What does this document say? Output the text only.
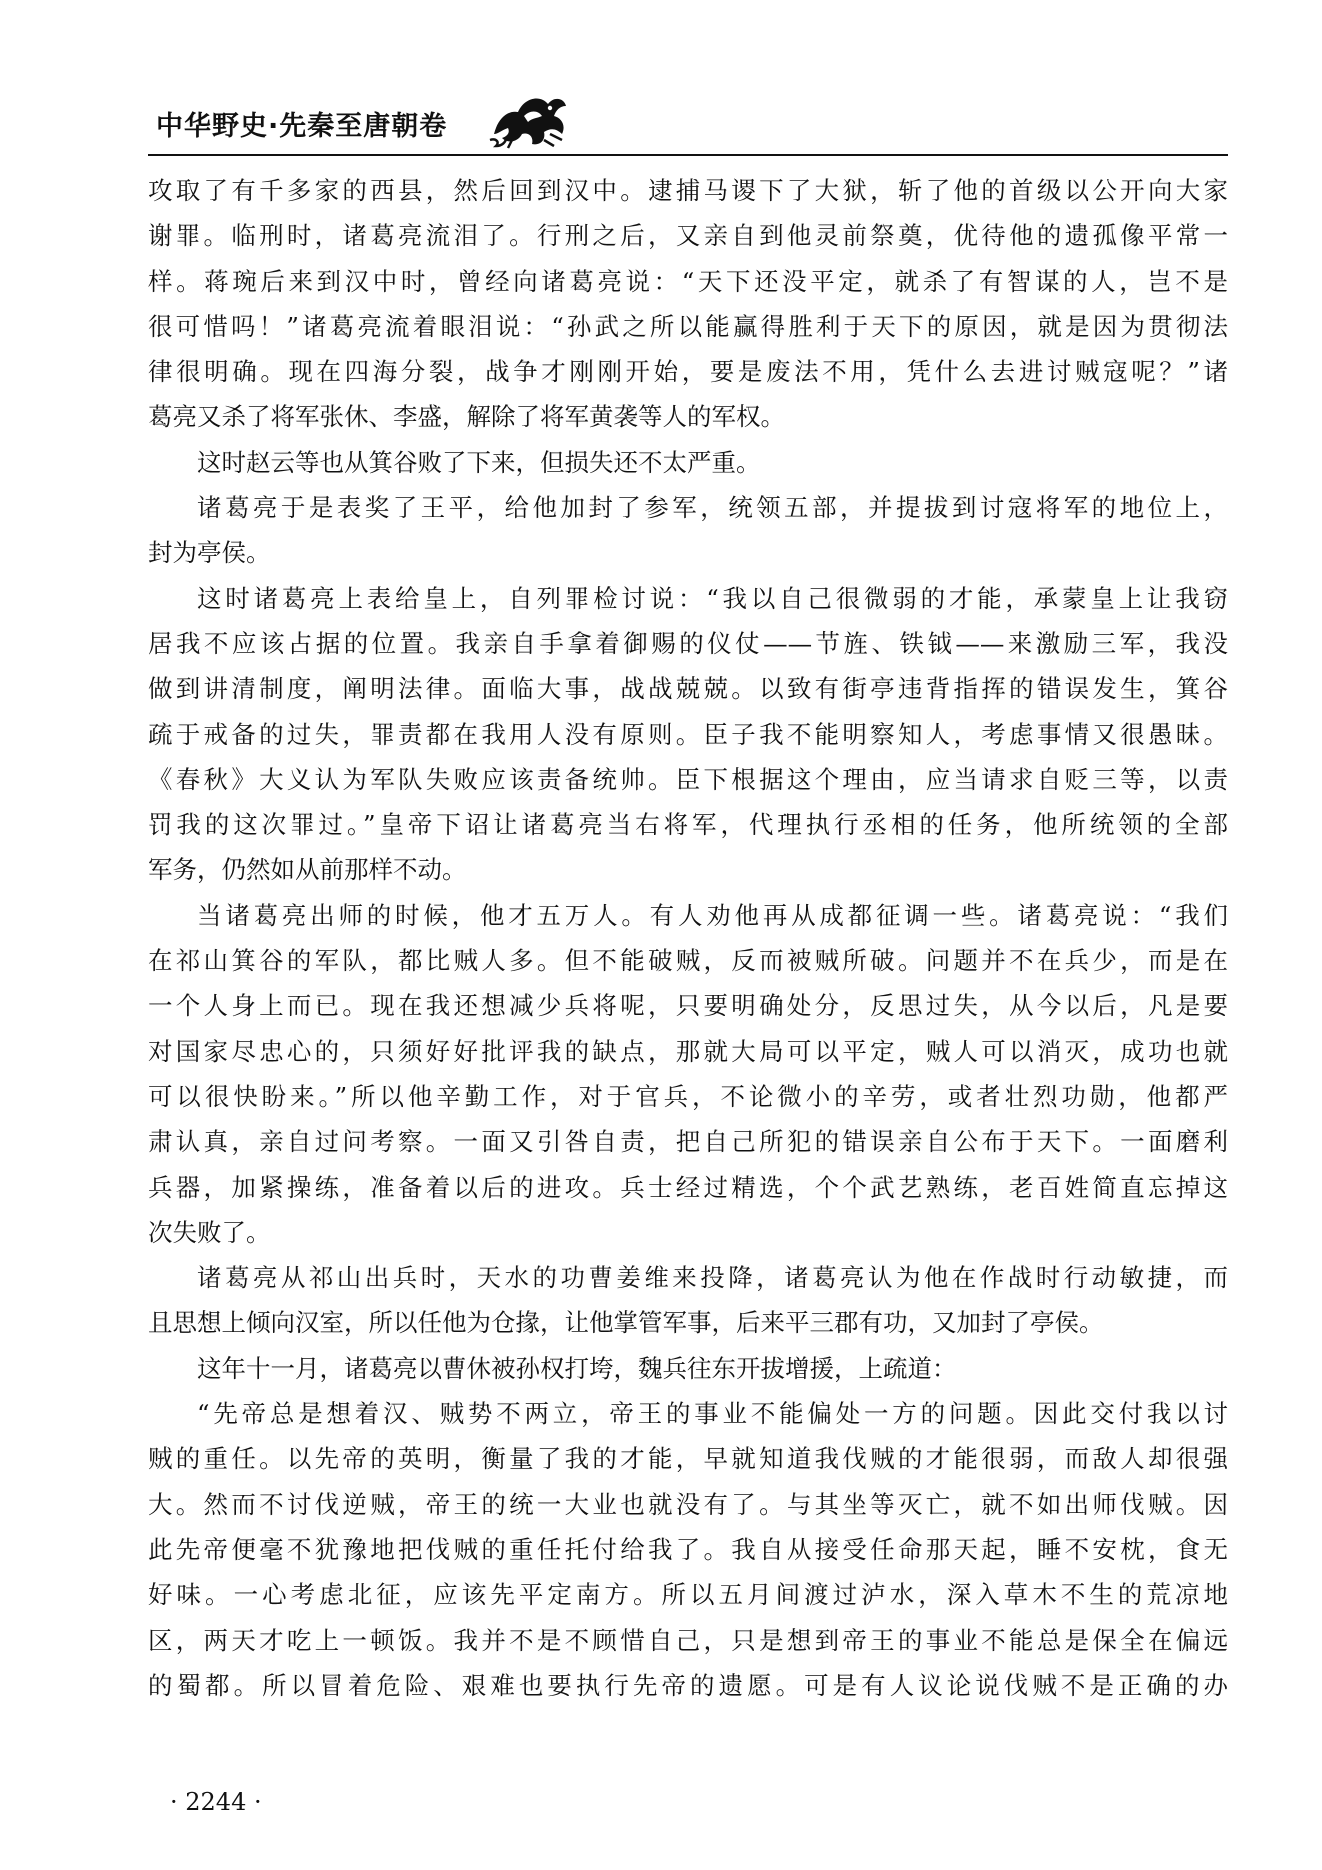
中华野史·先秦至唐朝卷
攻取了有千多家的西县，然后回到汉中。逮捕马谡下了大狱，斩了他的首级以公开向大家
谢罪。临刑时，诸葛亮流泪了。行刑之后，又亲自到他灵前祭奠，优待他的遗孤像平常一
样。蒋琬后来到汉中时，曾经向诸葛亮说：“天下还没平定，就杀了有智谋的人，岂不是
很可惜吗！”诸葛亮流着眼泪说：“孙武之所以能赢得胜利于天下的原因，就是因为贯彻法
律很明确。现在四海分裂，战争才刚刚开始，要是废法不用，凭什么去进讨贼寇呢？”诸
葛亮又杀了将军张休、李盛，解除了将军黄袭等人的军权。
这时赵云等也从箕谷败了下来，但损失还不太严重。
诸葛亮于是表奖了王平，给他加封了参军，统领五部，并提拔到讨寇将军的地位上，
封为亭侯。
这时诸葛亮上表给皇上，自列罪检讨说：“我以自己很微弱的才能，承蒙皇上让我窃
居我不应该占据的位置。我亲自手拿着御赐的仪仗——节旌、铁钺——来激励三军，我没
做到讲清制度，阐明法律。面临大事，战战兢兢。以致有街亭违背指挥的错误发生，箕谷
疏于戒备的过失，罪责都在我用人没有原则。臣子我不能明察知人，考虑事情又很愚昧。
《春秋》大义认为军队失败应该责备统帅。臣下根据这个理由，应当请求自贬三等，以责
罚我的这次罪过。”皇帝下诏让诸葛亮当右将军，代理执行丞相的任务，他所统领的全部
军务，仍然如从前那样不动。
当诸葛亮出师的时候，他才五万人。有人劝他再从成都征调一些。诸葛亮说：“我们
在祁山箕谷的军队，都比贼人多。但不能破贼，反而被贼所破。问题并不在兵少，而是在
一个人身上而已。现在我还想减少兵将呢，只要明确处分，反思过失，从今以后，凡是要
对国家尽忠心的，只须好好批评我的缺点，那就大局可以平定，贼人可以消灭，成功也就
可以很快盼来。”所以他辛勤工作，对于官兵，不论微小的辛劳，或者壮烈功勋，他都严
肃认真，亲自过问考察。一面又引咎自责，把自己所犯的错误亲自公布于天下。一面磨利
兵器，加紧操练，准备着以后的进攻。兵士经过精选，个个武艺熟练，老百姓简直忘掉这
次失败了。
诸葛亮从祁山出兵时，天水的功曹姜维来投降，诸葛亮认为他在作战时行动敏捷，而
且思想上倾向汉室，所以任他为仓掾，让他掌管军事，后来平三郡有功，又加封了亭侯。
这年十一月，诸葛亮以曹休被孙权打垮，魏兵往东开拔增援，上疏道：
“先帝总是想着汉、贼势不两立，帝王的事业不能偏处一方的问题。因此交付我以讨
贼的重任。以先帝的英明，衡量了我的才能，早就知道我伐贼的才能很弱，而敌人却很强
大。然而不讨伐逆贼，帝王的统一大业也就没有了。与其坐等灭亡，就不如出师伐贼。因
此先帝便毫不犹豫地把伐贼的重任托付给我了。我自从接受任命那天起，睡不安枕，食无
好味。一心考虑北征，应该先平定南方。所以五月间渡过泸水，深入草木不生的荒凉地
区，两天才吃上一顿饭。我并不是不顾惜自己，只是想到帝王的事业不能总是保全在偏远
的蜀都。所以冒着危险、艰难也要执行先帝的遗愿。可是有人议论说伐贼不是正确的办
· 2244 ·
